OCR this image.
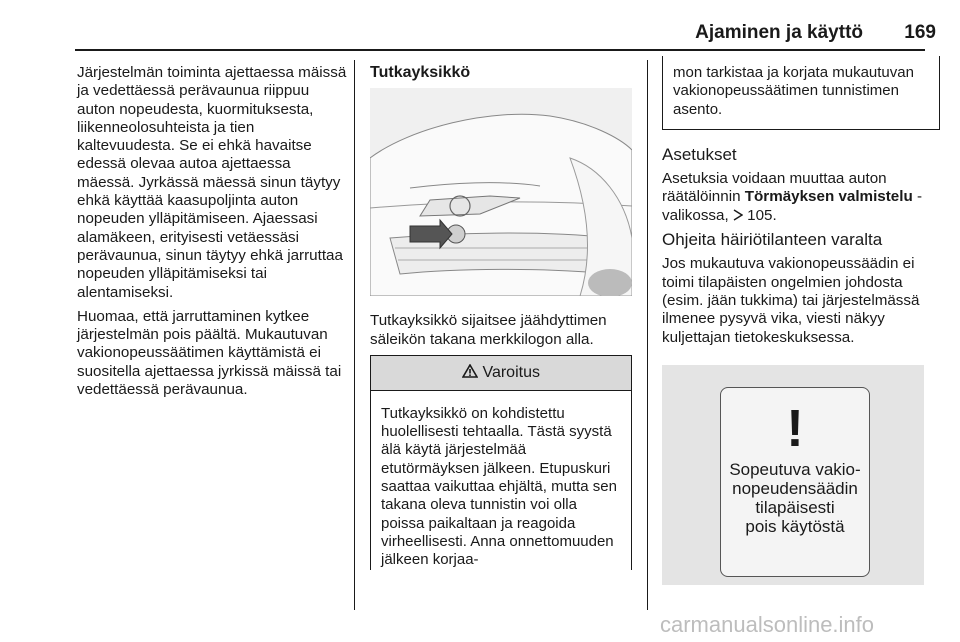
Ajaminen ja käyttö 169

Järjestelmän toiminta ajettaessa mäissä ja vedettäessä perävaunua riippuu auton nopeudesta, kuormituksesta, liikenneolosuhteista ja tien kaltevuudesta. Se ei ehkä havaitse edessä olevaa autoa ajettaessa mäessä. Jyrkässä mäessä sinun täytyy ehkä käyttää kaasupoljinta auton nopeuden ylläpitämiseen. Ajaessasi alamäkeen, erityisesti vetäessäsi perävaunua, sinun täytyy ehkä jarruttaa nopeuden ylläpitämiseksi tai alentamiseksi.

Huomaa, että jarruttaminen kytkee järjestelmän pois päältä. Mukautuvan vakionopeussäätimen käyttämistä ei suositella ajettaessa jyrkissä mäissä tai vedettäessä perävaunua.

Tutkayksikkö

Tutkayksikkö sijaitsee jäähdyttimen säleikön takana merkkilogon alla.

Varoitus
Tutkayksikkö on kohdistettu huolellisesti tehtaalla. Tästä syystä älä käytä järjestelmää etutörmäyksen jälkeen. Etupuskuri saattaa vaikuttaa ehjältä, mutta sen takana oleva tunnistin voi olla poissa paikaltaan ja reagoida virheellisesti. Anna onnettomuuden jälkeen korjaa-
mon tarkistaa ja korjata mukautuvan vakionopeussäätimen tunnistimen asento.
Asetukset

Asetuksia voidaan muuttaa auton räätälöinnin Törmäyksen valmistelu -valikossa,  105.

Ohjeita häiriötilanteen varalta

Jos mukautuva vakionopeussäädin ei toimi tilapäisten ongelmien johdosta (esim. jään tukkima) tai järjestelmässä ilmenee pysyvä vika, viesti näkyy kuljettajan tietokeskuksessa.

!
Sopeutuva vakio-
nopeudensäädin
tilapäisesti
pois käytöstä
carmanualsonline.info
